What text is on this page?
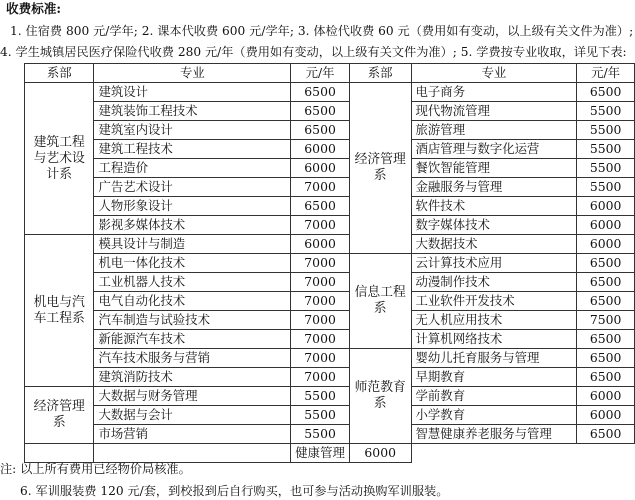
收费标准:
1. 住宿费 800 元/学年; 2. 课本代收费 600 元/学年; 3. 体检代收费 60 元（费用如有变动，以上级有关文件为准）;
4. 学生城镇居民医疗保险代收费 280 元/年（费用如有变动，以上级有关文件为准）; 5. 学费按专业收取，详见下表:
系部	专业	元/年	系部	专业	元/年
建筑工程与艺术设计系	建筑设计	6500	经济管理系	电子商务	6500
	建筑装饰工程技术	6500		现代物流管理	5500
	建筑室内设计	6500		旅游管理	5500
	建筑工程技术	6000		酒店管理与数字化运营	5500
	工程造价	6000		餐饮智能管理	5500
	广告艺术设计	7000		金融服务与管理	5500
	人物形象设计	6500		软件技术	6000
	影视多媒体技术	7000		数字媒体技术	6000
机电与汽车工程系	模具设计与制造	6000		大数据技术	6000
	机电一体化技术	7000	信息工程系	云计算技术应用	6500
	工业机器人技术	7000		动漫制作技术	6500
	电气自动化技术	7000		工业软件开发技术	6500
	汽车制造与试验技术	7000		无人机应用技术	7500
	新能源汽车技术	7000		计算机网络技术	6500
	汽车技术服务与营销	7000	师范教育系	婴幼儿托育服务与管理	6500
	建筑消防技术	7000		早期教育	6500
经济管理系	大数据与财务管理	5500		学前教育	6000
	大数据与会计	5500		小学教育	6000
	市场营销	5500		智慧健康养老服务与管理	6500
		健康管理	6000		
注: 以上所有费用已经物价局核准。
6. 军训服装费 120 元/套，到校报到后自行购买，也可参与活动换购军训服装。
